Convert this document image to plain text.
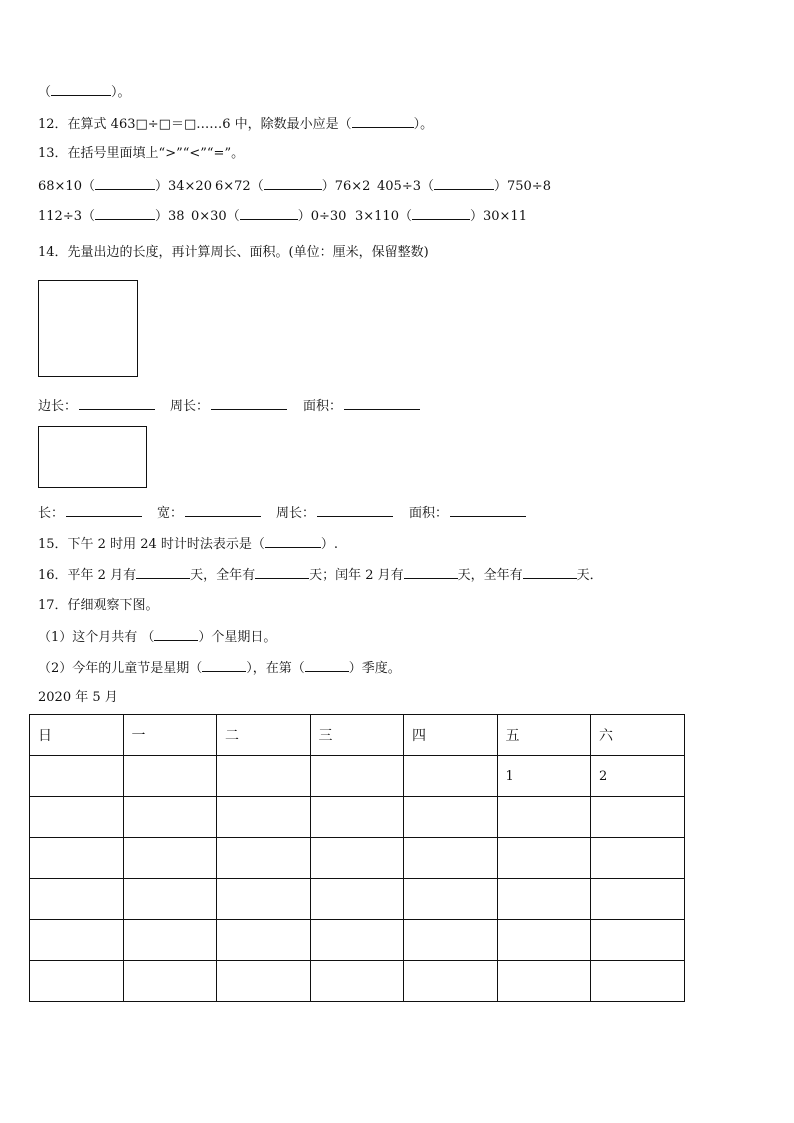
（	）。
12．在算式 463□÷□＝□……6 中，除数最小应是（	）。
13．在括号里面填上“>”“<”“=”。
68×10（	）34×20 6×72（	）76×2 405÷3（	）750÷8
112÷3（	）38 0×30（	）0÷30 3×110（	）30×11
14．先量出边的长度，再计算周长、面积。(单位：厘米，保留整数)
边长：	周长：	面积：
长：	宽：	周长：	面积：
15．下午 2 时用 24 时计时法表示是（	）.
16．平年 2 月有	天，全年有	天；闰年 2 月有	天，全年有	天．
17．仔细观察下图。
（1）这个月共有 （	）个星期日。
（2）今年的儿童节是星期（	），在第（	）季度。
2020 年 5 月
日	一	二	三	四	五	六
					1	2
